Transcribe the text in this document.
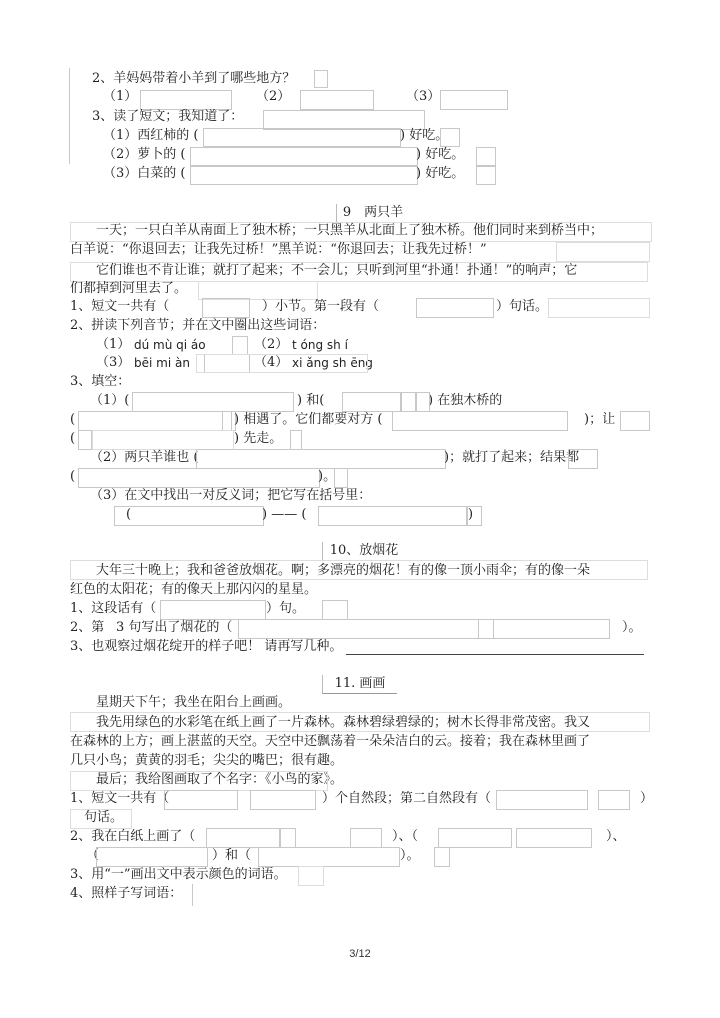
2、羊妈妈带着小羊到了哪些地方？
（1）	（2）	（3）
3、读了短文；我知道了：
（1）西红柿的 (	) 好吃。
（2）萝卜的 (	) 好吃。
（3）白菜的 (	) 好吃。
9　两只羊
一天；一只白羊从南面上了独木桥；一只黑羊从北面上了独木桥。他们同时来到桥当中；
白羊说：“你退回去；让我先过桥！”黑羊说：“你退回去；让我先过桥！”
它们谁也不肯让谁；就打了起来；不一会儿；只听到河里“扑通！扑通！”的响声；它
们都掉到河里去了。
1、短文一共有（	）小节。第一段有（	）句话。
2、拼读下列音节；并在文中圈出这些词语：
（1） dú mù qi áo	（2） t óng sh í
（3） bēi mi àn	（4） xi ǎng sh ēng
3、填空：
（1）(	) 和(	) 在独木桥的
(	) 相遇了。它们都要对方 (	)；让
(	) 先走。
（2）两只羊谁也 (	)；就打了起来；结果都
(	)。
（3）在文中找出一对反义词；把它写在括号里：
(	) —— (	)
10、放烟花
大年三十晚上；我和爸爸放烟花。啊；多漂亮的烟花！有的像一顶小雨伞；有的像一朵
红色的太阳花；有的像天上那闪闪的星星。
1、这段话有（	）句。
2、第 3 句写出了烟花的（	）。
3、也观察过烟花绽开的样子吧！ 请再写几种。
11. 画画
星期天下午；我坐在阳台上画画。
我先用绿色的水彩笔在纸上画了一片森林。森林碧绿碧绿的；树木长得非常茂密。我又
在森林的上方；画上湛蓝的天空。天空中还飘荡着一朵朵洁白的云。接着；我在森林里画了
几只小鸟；黄黄的羽毛；尖尖的嘴巴；很有趣。
最后；我给图画取了个名字：《小鸟的家》。
1、短文一共有（	）个自然段；第二自然段有（	）
句话。
2、我在白纸上画了（	）、（	）、
（	）和（	）。
3、用“一”画出文中表示颜色的词语。
4、照样子写词语：
3/12
